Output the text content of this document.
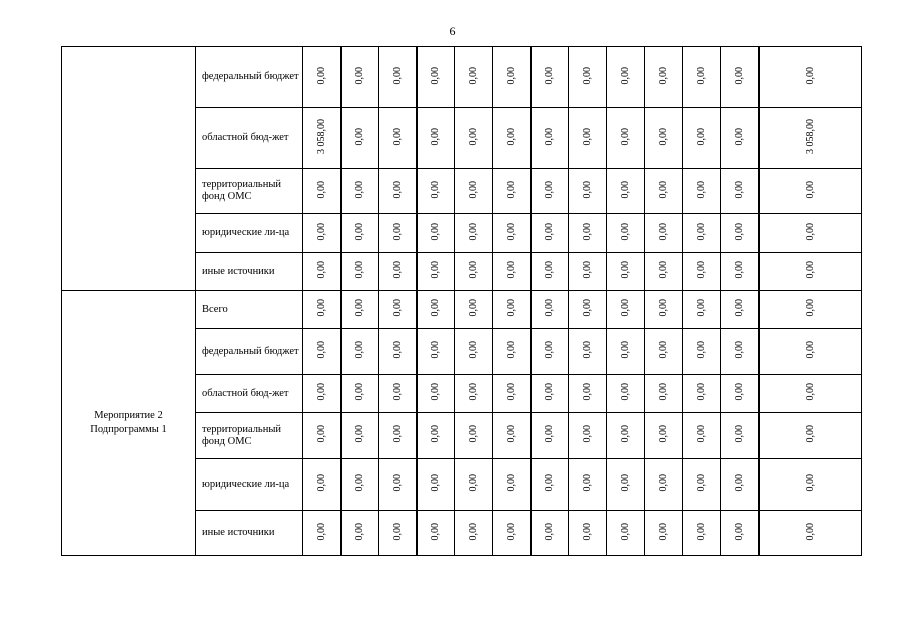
6
	федеральный бюджет	0,00	0,00	0,00	0,00	0,00	0,00	0,00	0,00	0,00	0,00	0,00	0,00	0,00
	областной бюд-жет	3 058,00	0,00	0,00	0,00	0,00	0,00	0,00	0,00	0,00	0,00	0,00	0,00	3 058,00
	территориальный фонд ОМС	0,00	0,00	0,00	0,00	0,00	0,00	0,00	0,00	0,00	0,00	0,00	0,00	0,00
	юридические ли-ца	0,00	0,00	0,00	0,00	0,00	0,00	0,00	0,00	0,00	0,00	0,00	0,00	0,00
	иные источники	0,00	0,00	0,00	0,00	0,00	0,00	0,00	0,00	0,00	0,00	0,00	0,00	0,00
Мероприятие 2 Подпрограммы 1	Всего	0,00	0,00	0,00	0,00	0,00	0,00	0,00	0,00	0,00	0,00	0,00	0,00	0,00
	федеральный бюджет	0,00	0,00	0,00	0,00	0,00	0,00	0,00	0,00	0,00	0,00	0,00	0,00	0,00
	областной бюд-жет	0,00	0,00	0,00	0,00	0,00	0,00	0,00	0,00	0,00	0,00	0,00	0,00	0,00
	территориальный фонд ОМС	0,00	0,00	0,00	0,00	0,00	0,00	0,00	0,00	0,00	0,00	0,00	0,00	0,00
	юридические ли-ца	0,00	0,00	0,00	0,00	0,00	0,00	0,00	0,00	0,00	0,00	0,00	0,00	0,00
	иные источники	0,00	0,00	0,00	0,00	0,00	0,00	0,00	0,00	0,00	0,00	0,00	0,00	0,00
